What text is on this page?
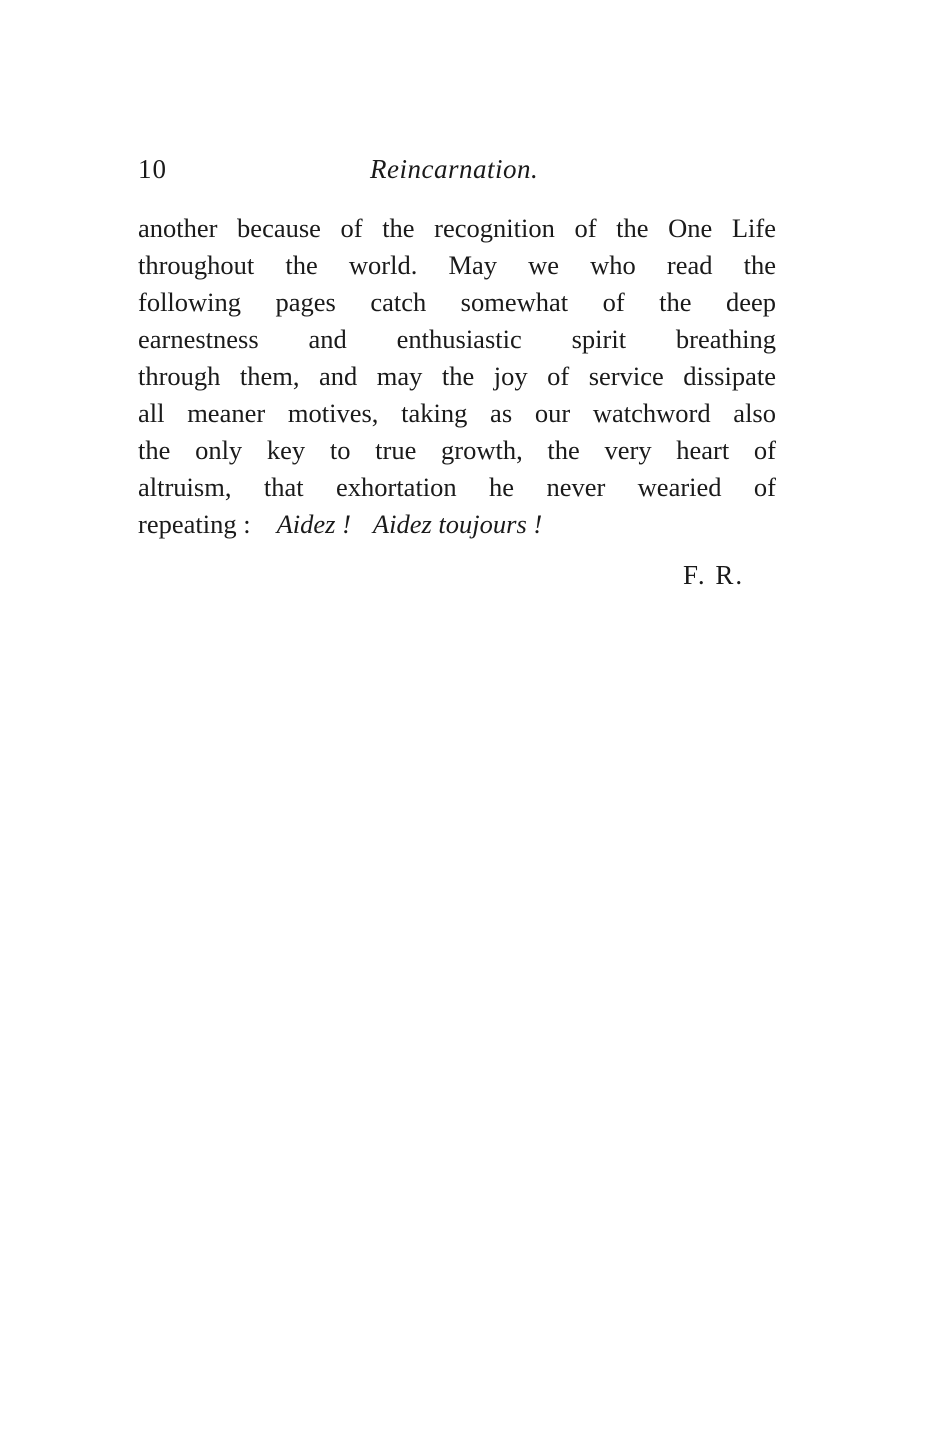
10	Reincarnation.
another because of the recognition of the One Life
throughout the world. May we who read the
following pages catch somewhat of the deep
earnestness and enthusiastic spirit breathing
through them, and may the joy of service dissipate
all meaner motives, taking as our watchword also
the only key to true growth, the very heart of
altruism, that exhortation he never wearied of
repeating : Aidez ! Aidez toujours !
F. R.
